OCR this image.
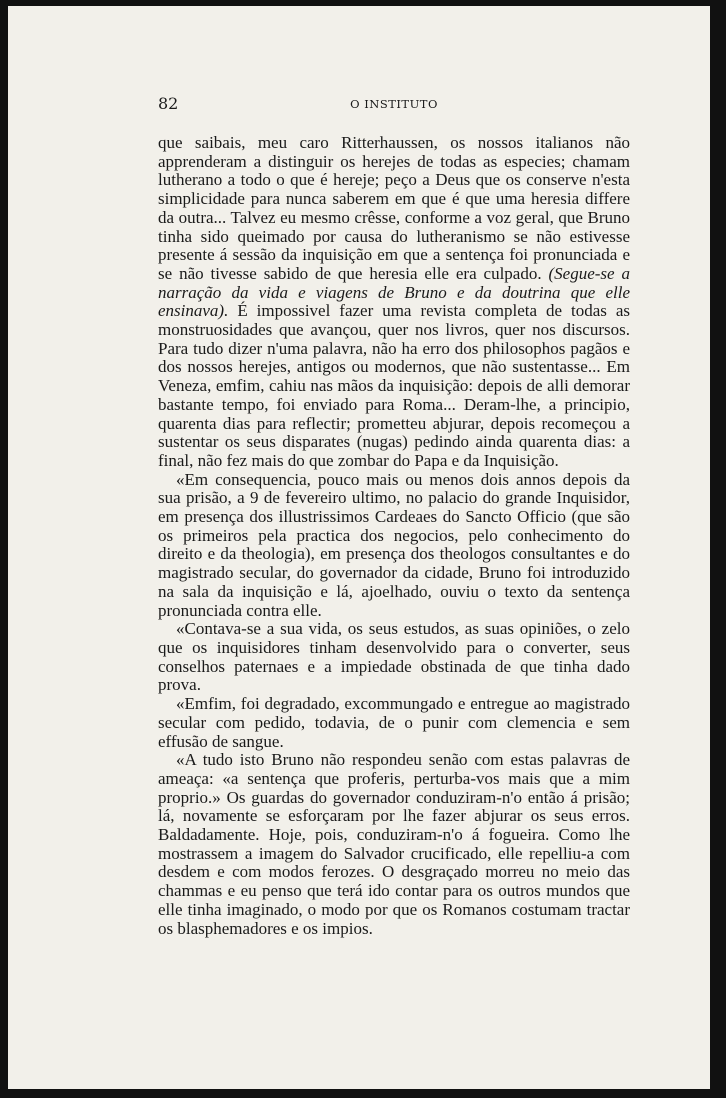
82	O INSTITUTO

que saibais, meu caro Ritterhaussen, os nossos italianos não apprenderam a distinguir os herejes de todas as especies; chamam lutherano a todo o que é hereje; peço a Deus que os conserve n'esta simplicidade para nunca saberem em que é que uma heresia differe da outra... Talvez eu mesmo crêsse, conforme a voz geral, que Bruno tinha sido queimado por causa do lutheranismo se não estivesse presente á sessão da inquisição em que a sentença foi pronunciada e se não tivesse sabido de que heresia elle era culpado. (Segue-se a narração da vida e viagens de Bruno e da doutrina que elle ensinava). É impossivel fazer uma revista completa de todas as monstruosidades que avançou, quer nos livros, quer nos discursos. Para tudo dizer n'uma palavra, não ha erro dos philosophos pagãos e dos nossos herejes, antigos ou modernos, que não sustentasse... Em Veneza, emfim, cahiu nas mãos da inquisição: depois de alli demorar bastante tempo, foi enviado para Roma... Deram-lhe, a principio, quarenta dias para reflectir; prometteu abjurar, depois recomeçou a sustentar os seus disparates (nugas) pedindo ainda quarenta dias: a final, não fez mais do que zombar do Papa e da Inquisição.

«Em consequencia, pouco mais ou menos dois annos depois da sua prisão, a 9 de fevereiro ultimo, no palacio do grande Inquisidor, em presença dos illustrissimos Cardeaes do Sancto Officio (que são os primeiros pela practica dos negocios, pelo conhecimento do direito e da theologia), em presença dos theologos consultantes e do magistrado secular, do governador da cidade, Bruno foi introduzido na sala da inquisição e lá, ajoelhado, ouviu o texto da sentença pronunciada contra elle.

«Contava-se a sua vida, os seus estudos, as suas opiniões, o zelo que os inquisidores tinham desenvolvido para o converter, seus conselhos paternaes e a impiedade obstinada de que tinha dado prova.

«Emfim, foi degradado, excommungado e entregue ao magistrado secular com pedido, todavia, de o punir com clemencia e sem effusão de sangue.

«A tudo isto Bruno não respondeu senão com estas palavras de ameaça: «a sentença que proferis, perturba-vos mais que a mim proprio.» Os guardas do governador conduziram-n'o então á prisão; lá, novamente se esforçaram por lhe fazer abjurar os seus erros. Baldadamente. Hoje, pois, conduziram-n'o á fogueira. Como lhe mostrassem a imagem do Salvador crucificado, elle repelliu-a com desdem e com modos ferozes. O desgraçado morreu no meio das chammas e eu penso que terá ido contar para os outros mundos que elle tinha imaginado, o modo por que os Romanos costumam tractar os blasphemadores e os impios.
